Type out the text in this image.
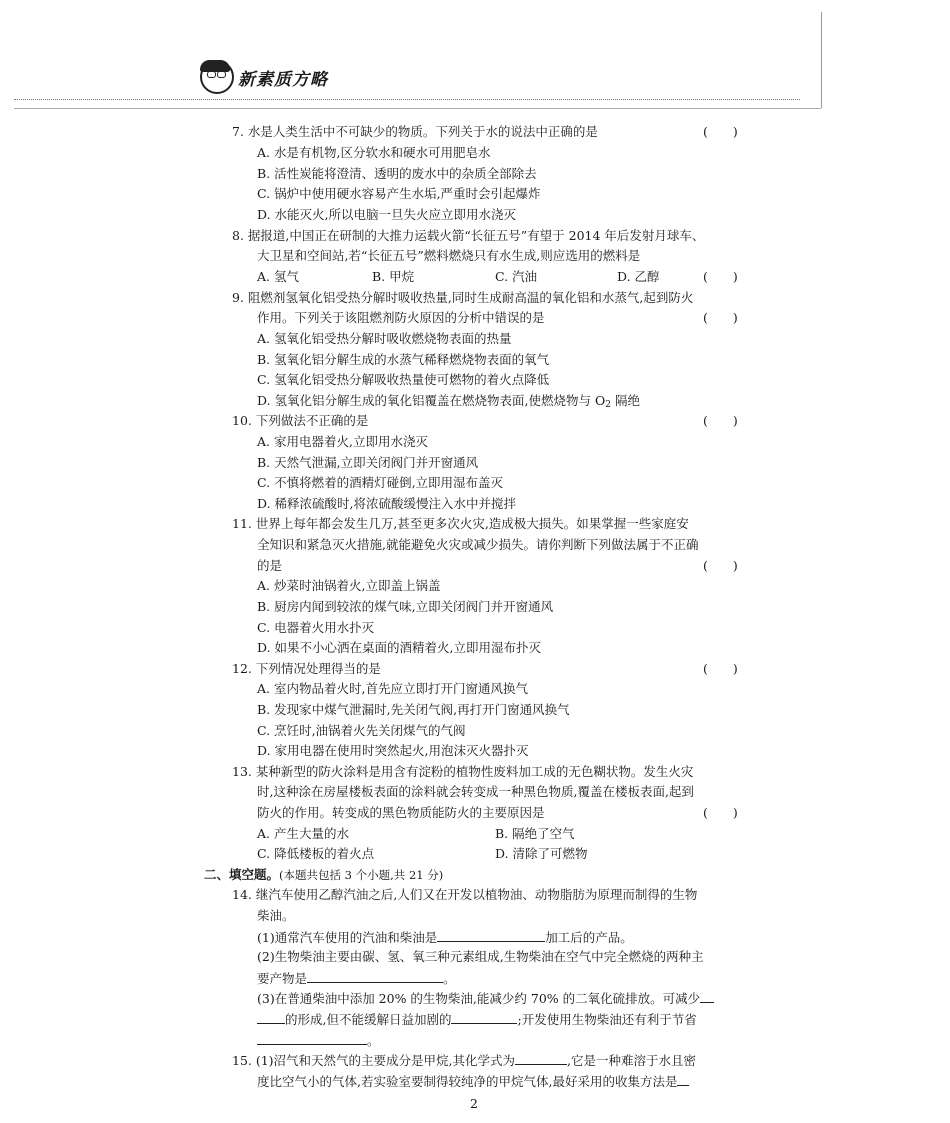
新素质方略
7. 水是人类生活中不可缺少的物质。下列关于水的说法中正确的是	(　　)
A. 水是有机物,区分软水和硬水可用肥皂水
B. 活性炭能将澄清、透明的废水中的杂质全部除去
C. 锅炉中使用硬水容易产生水垢,严重时会引起爆炸
D. 水能灭火,所以电脑一旦失火应立即用水浇灭
8. 据报道,中国正在研制的大推力运载火箭“长征五号”有望于 2014 年后发射月球车、
大卫星和空间站,若“长征五号”燃料燃烧只有水生成,则应选用的燃料是
A. 氢气	B. 甲烷	C. 汽油	D. 乙醇	(　　)
9. 阻燃剂氢氧化铝受热分解时吸收热量,同时生成耐高温的氧化铝和水蒸气,起到防火
作用。下列关于该阻燃剂防火原因的分析中错误的是	(　　)
A. 氢氧化铝受热分解时吸收燃烧物表面的热量
B. 氢氧化铝分解生成的水蒸气稀释燃烧物表面的氧气
C. 氢氧化铝受热分解吸收热量使可燃物的着火点降低
D. 氢氧化铝分解生成的氧化铝覆盖在燃烧物表面,使燃烧物与 $O_2$ 隔绝
10. 下列做法不正确的是	(　　)
A. 家用电器着火,立即用水浇灭
B. 天然气泄漏,立即关闭阀门并开窗通风
C. 不慎将燃着的酒精灯碰倒,立即用湿布盖灭
D. 稀释浓硫酸时,将浓硫酸缓慢注入水中并搅拌
11. 世界上每年都会发生几万,甚至更多次火灾,造成极大损失。如果掌握一些家庭安
全知识和紧急灭火措施,就能避免火灾或减少损失。请你判断下列做法属于不正确
的是	(　　)
A. 炒菜时油锅着火,立即盖上锅盖
B. 厨房内闻到较浓的煤气味,立即关闭阀门并开窗通风
C. 电器着火用水扑灭
D. 如果不小心洒在桌面的酒精着火,立即用湿布扑灭
12. 下列情况处理得当的是	(　　)
A. 室内物品着火时,首先应立即打开门窗通风换气
B. 发现家中煤气泄漏时,先关闭气阀,再打开门窗通风换气
C. 烹饪时,油锅着火先关闭煤气的气阀
D. 家用电器在使用时突然起火,用泡沫灭火器扑灭
13. 某种新型的防火涂料是用含有淀粉的植物性废料加工成的无色糊状物。发生火灾
时,这种涂在房屋楼板表面的涂料就会转变成一种黑色物质,覆盖在楼板表面,起到
防火的作用。转变成的黑色物质能防火的主要原因是	(　　)
A. 产生大量的水	B. 隔绝了空气
C. 降低楼板的着火点	D. 清除了可燃物
二、填空题。(本题共包括 3 个小题,共 21 分)
14. 继汽车使用乙醇汽油之后,人们又在开发以植物油、动物脂肪为原理而制得的生物
柴油。
(1)通常汽车使用的汽油和柴油是	加工后的产品。
(2)生物柴油主要由碳、氢、氧三种元素组成,生物柴油在空气中完全燃烧的两种主
要产物是	。
(3)在普通柴油中添加 20% 的生物柴油,能减少约 70% 的二氧化硫排放。可减少
的形成,但不能缓解日益加剧的	;开发使用生物柴油还有利于节省
。
15. (1)沼气和天然气的主要成分是甲烷,其化学式为	,它是一种难溶于水且密
度比空气小的气体,若实验室要制得较纯净的甲烷气体,最好采用的收集方法是
2
